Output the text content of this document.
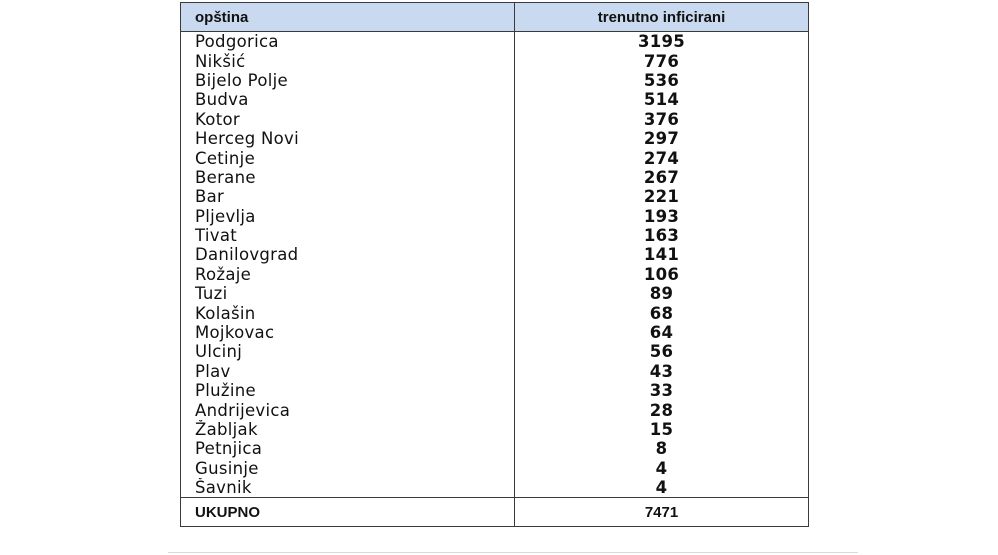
opština	trenutno inficirani
Podgorica	3195
Nikšić	776
Bijelo Polje	536
Budva	514
Kotor	376
Herceg Novi	297
Cetinje	274
Berane	267
Bar	221
Pljevlja	193
Tivat	163
Danilovgrad	141
Rožaje	106
Tuzi	89
Kolašin	68
Mojkovac	64
Ulcinj	56
Plav	43
Plužine	33
Andrijevica	28
Žabljak	15
Petnjica	8
Gusinje	4
Šavnik	4
UKUPNO	7471
